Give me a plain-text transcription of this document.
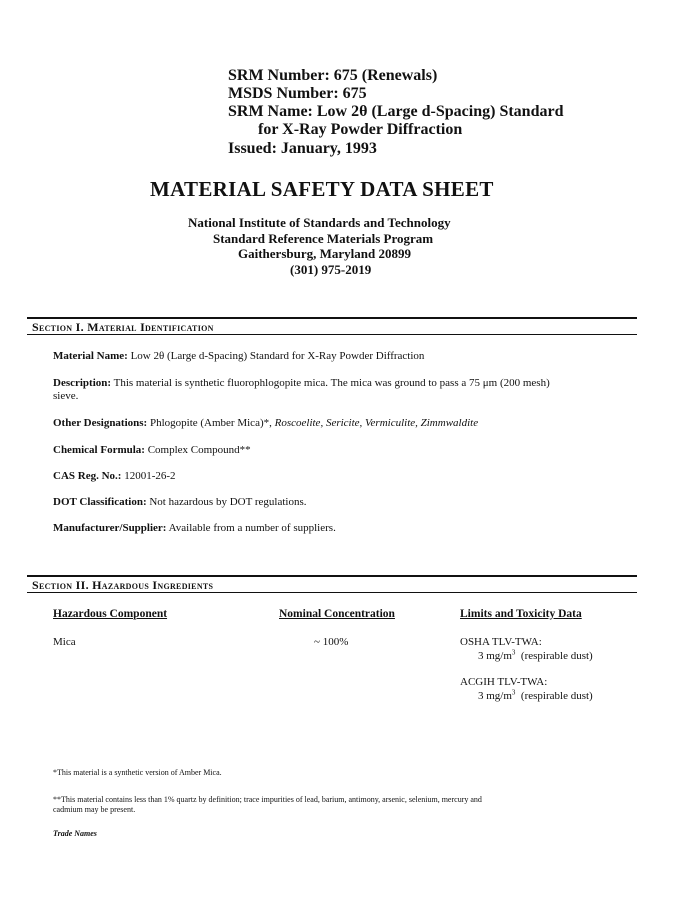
SRM Number: 675 (Renewals)
MSDS Number: 675
SRM Name: Low 2θ (Large d-Spacing) Standard
for X-Ray Powder Diffraction
Issued: January, 1993
MATERIAL SAFETY DATA SHEET
National Institute of Standards and Technology
Standard Reference Materials Program
Gaithersburg, Maryland 20899
(301) 975-2019
Section I. Material Identification
Material Name: Low 2θ (Large d-Spacing) Standard for X-Ray Powder Diffraction
Description: This material is synthetic fluorophlogopite mica. The mica was ground to pass a 75 μm (200 mesh)
sieve.
Other Designations: Phlogopite (Amber Mica)*, Roscoelite, Sericite, Vermiculite, Zimmwaldite
Chemical Formula: Complex Compound**
CAS Reg. No.: 12001-26-2
DOT Classification: Not hazardous by DOT regulations.
Manufacturer/Supplier: Available from a number of suppliers.
Section II. Hazardous Ingredients
Hazardous Component	Nominal Concentration	Limits and Toxicity Data
Mica	~ 100%	OSHA TLV-TWA:
3 $mg/m^3$ (respirable dust)
ACGIH TLV-TWA:
3 $mg/m^3$ (respirable dust)
*This material is a synthetic version of Amber Mica.
**This material contains less than 1% quartz by definition; trace impurities of lead, barium, antimony, arsenic, selenium, mercury and
cadmium may be present.
Trade Names
